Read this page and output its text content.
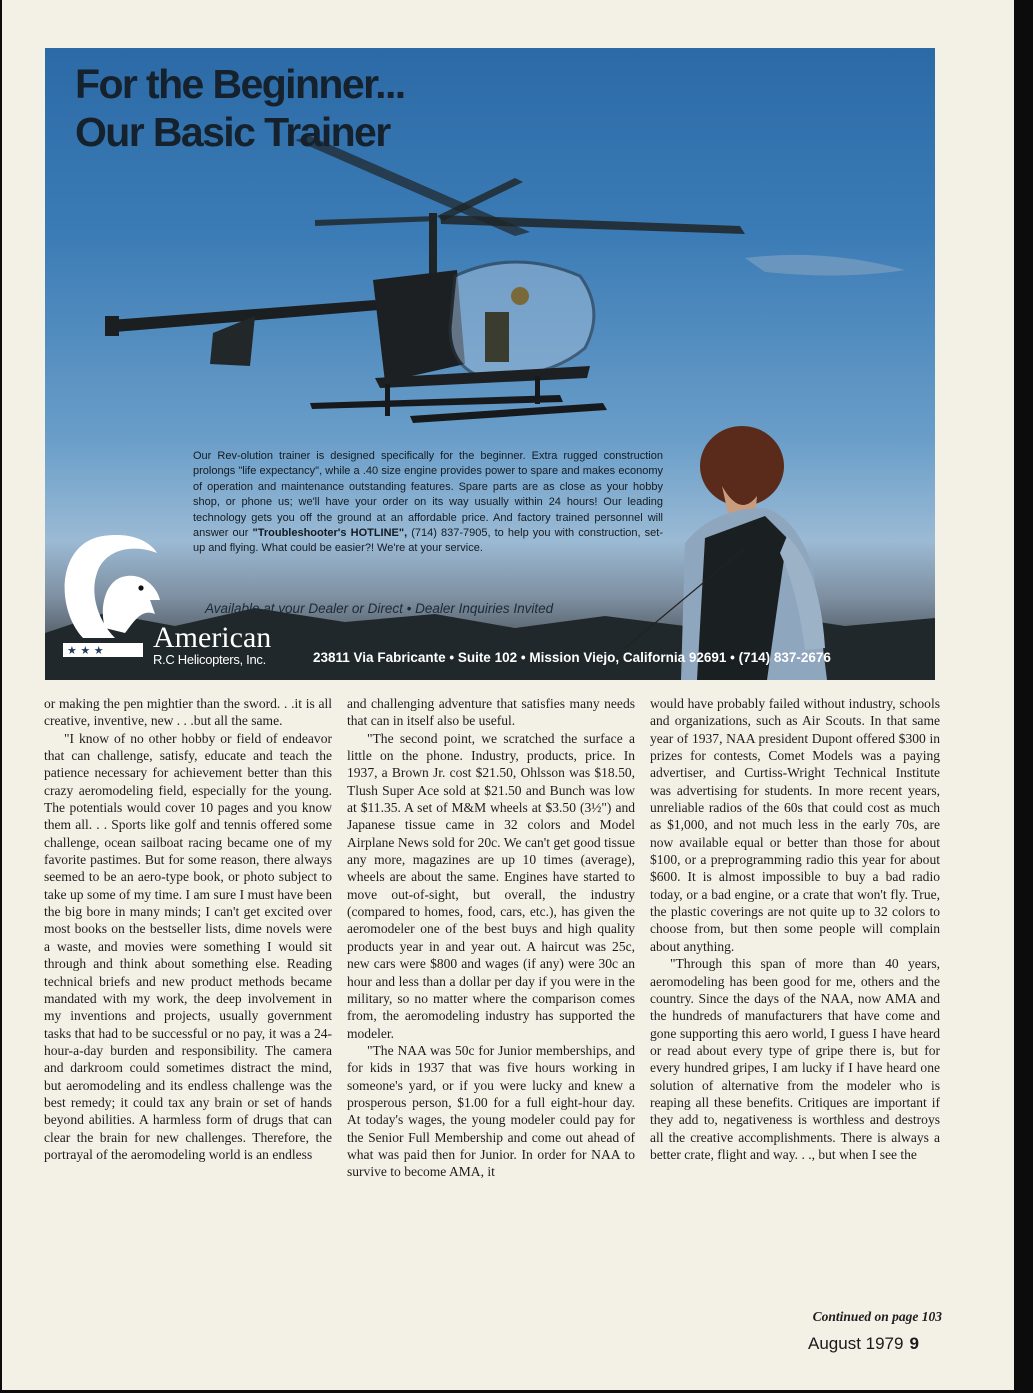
★ ★ ★
For the Beginner...
Our Basic Trainer
Our Rev-olution trainer is designed specifically for the beginner. Extra rugged construction prolongs "life expectancy", while a .40 size engine provides power to spare and makes economy of operation and maintenance outstanding features. Spare parts are as close as your hobby shop, or phone us; we'll have your order on its way usually within 24 hours! Our leading technology gets you off the ground at an affordable price. And factory trained personnel will answer our "Troubleshooter's HOTLINE", (714) 837-7905, to help you with construction, set-up and flying. What could be easier?! We're at your service.
Available at your Dealer or Direct • Dealer Inquiries Invited
American
R.C Helicopters, Inc.	23811 Via Fabricante • Suite 102 • Mission Viejo, California 92691 • (714) 837-2676

or making the pen mightier than the sword. . .it is all creative, inventive, new . . .but all the same.

"I know of no other hobby or field of endeavor that can challenge, satisfy, educate and teach the patience necessary for achievement better than this crazy aeromodeling field, especially for the young. The potentials would cover 10 pages and you know them all. . . Sports like golf and tennis offered some challenge, ocean sailboat racing became one of my favorite pastimes. But for some reason, there always seemed to be an aero-type book, or photo subject to take up some of my time. I am sure I must have been the big bore in many minds; I can't get excited over most books on the bestseller lists, dime novels were a waste, and movies were something I would sit through and think about something else. Reading technical briefs and new product methods became mandated with my work, the deep involvement in my inventions and projects, usually government tasks that had to be successful or no pay, it was a 24-hour-a-day burden and responsibility. The camera and darkroom could sometimes distract the mind, but aeromodeling and its endless challenge was the best remedy; it could tax any brain or set of hands beyond abilities. A harmless form of drugs that can clear the brain for new challenges. Therefore, the portrayal of the aeromodeling world is an endless

and challenging adventure that satisfies many needs that can in itself also be useful.

"The second point, we scratched the surface a little on the phone. Industry, products, price. In 1937, a Brown Jr. cost $21.50, Ohlsson was $18.50, Tlush Super Ace sold at $21.50 and Bunch was low at $11.35. A set of M&M wheels at $3.50 (3½") and Japanese tissue came in 32 colors and Model Airplane News sold for 20c. We can't get good tissue any more, magazines are up 10 times (average), wheels are about the same. Engines have started to move out-of-sight, but overall, the industry (compared to homes, food, cars, etc.), has given the aeromodeler one of the best buys and high quality products year in and year out. A haircut was 25c, new cars were $800 and wages (if any) were 30c an hour and less than a dollar per day if you were in the military, so no matter where the comparison comes from, the aeromodeling industry has supported the modeler.

"The NAA was 50c for Junior memberships, and for kids in 1937 that was five hours working in someone's yard, or if you were lucky and knew a prosperous person, $1.00 for a full eight-hour day. At today's wages, the young modeler could pay for the Senior Full Membership and come out ahead of what was paid then for Junior. In order for NAA to survive to become AMA, it

would have probably failed without industry, schools and organizations, such as Air Scouts. In that same year of 1937, NAA president Dupont offered $300 in prizes for contests, Comet Models was a paying advertiser, and Curtiss-Wright Technical Institute was advertising for students. In more recent years, unreliable radios of the 60s that could cost as much as $1,000, and not much less in the early 70s, are now available equal or better than those for about $100, or a preprogramming radio this year for about $600. It is almost impossible to buy a bad radio today, or a bad engine, or a crate that won't fly. True, the plastic coverings are not quite up to 32 colors to choose from, but then some people will complain about anything.

"Through this span of more than 40 years, aeromodeling has been good for me, others and the country. Since the days of the NAA, now AMA and the hundreds of manufacturers that have come and gone supporting this aero world, I guess I have heard or read about every type of gripe there is, but for every hundred gripes, I am lucky if I have heard one solution of alternative from the modeler who is reaping all these benefits. Critiques are important if they add to, negativeness is worthless and destroys all the creative accomplishments. There is always a better crate, flight and way. . ., but when I see the

Continued on page 103
August 1979 9
